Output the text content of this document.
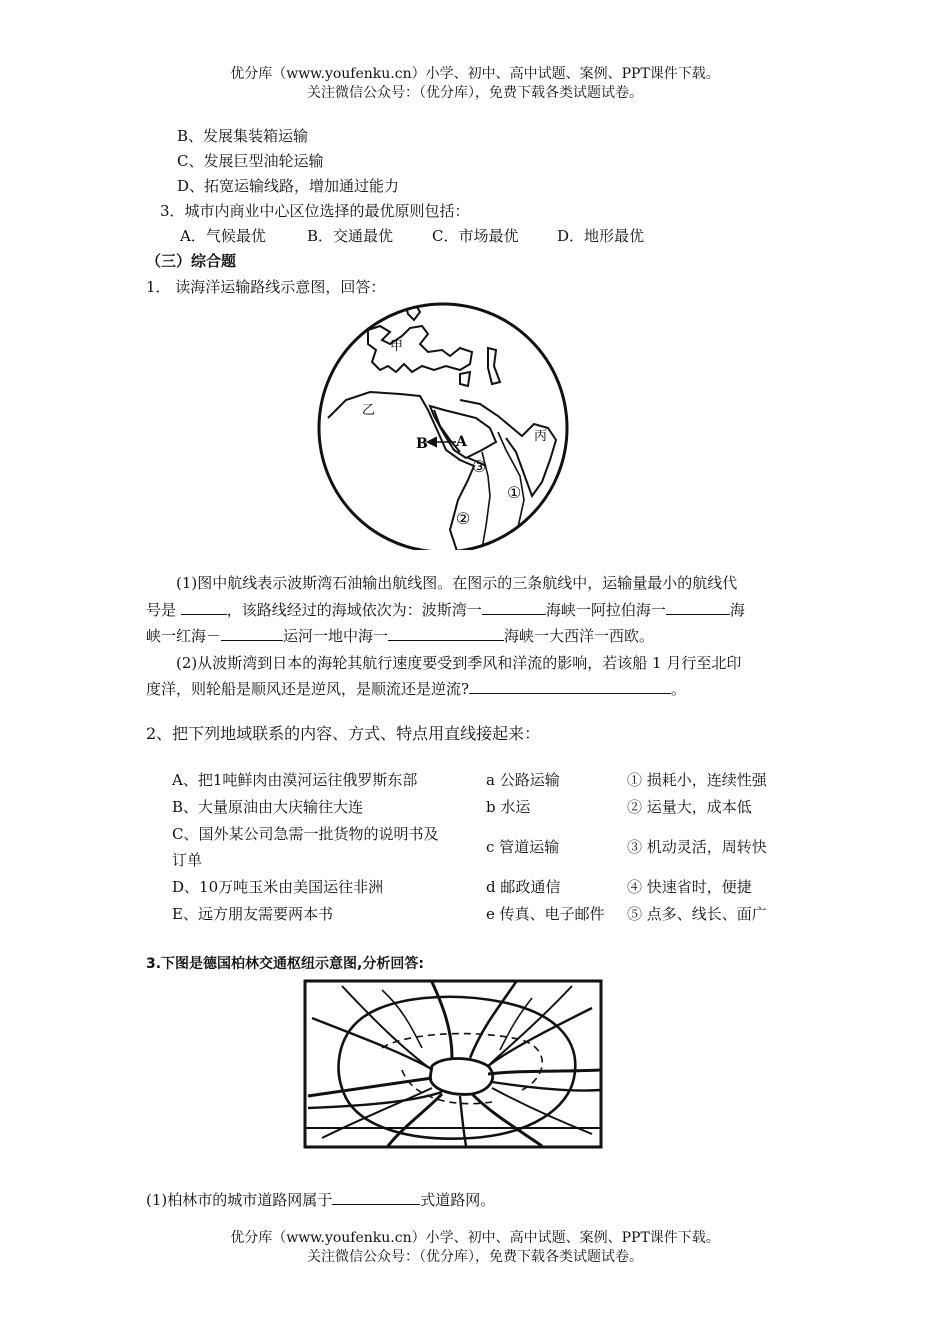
优分库（www.youfenku.cn）小学、初中、高中试题、案例、PPT课件下载。
关注微信公众号：（优分库），免费下载各类试题试卷。
B、发展集装箱运输
C、发展巨型油轮运输
D、拓宽运输线路，增加通过能力
3．城市内商业中心区位选择的最优原则包括：
A．气候最优	B．交通最优	C．市场最优	D．地形最优
（三）综合题
1． 读海洋运输路线示意图，回答：
甲
乙
丙
B A
①
②
③
(1)图中航线表示波斯湾石油输出航线图。在图示的三条航线中，运输量最小的航线代
号是	，该路线经过的海域依次为：波斯湾一	海峡一阿拉伯海一	海
峡一红海－	运河一地中海一	海峡一大西洋一西欧。
(2)从波斯湾到日本的海轮其航行速度要受到季风和洋流的影响，若该船 1 月行至北印
度洋，则轮船是顺风还是逆风，是顺流还是逆流?	。
2、把下列地域联系的内容、方式、特点用直线接起来：
A、把1吨鲜肉由漠河运往俄罗斯东部	a 公路运输	① 损耗小，连续性强
B、大量原油由大庆输往大连	b 水运	② 运量大，成本低
C、国外某公司急需一批货物的说明书及
订单
c 管道运输	③ 机动灵活，周转快
D、10万吨玉米由美国运往非洲	d 邮政通信	④ 快速省时，便捷
E、远方朋友需要两本书	e 传真、电子邮件 ⑤ 点多、线长、面广
3.下图是德国柏林交通枢纽示意图,分析回答:
(1)柏林市的城市道路网属于	式道路网。
优分库（www.youfenku.cn）小学、初中、高中试题、案例、PPT课件下载。
关注微信公众号：（优分库），免费下载各类试题试卷。
